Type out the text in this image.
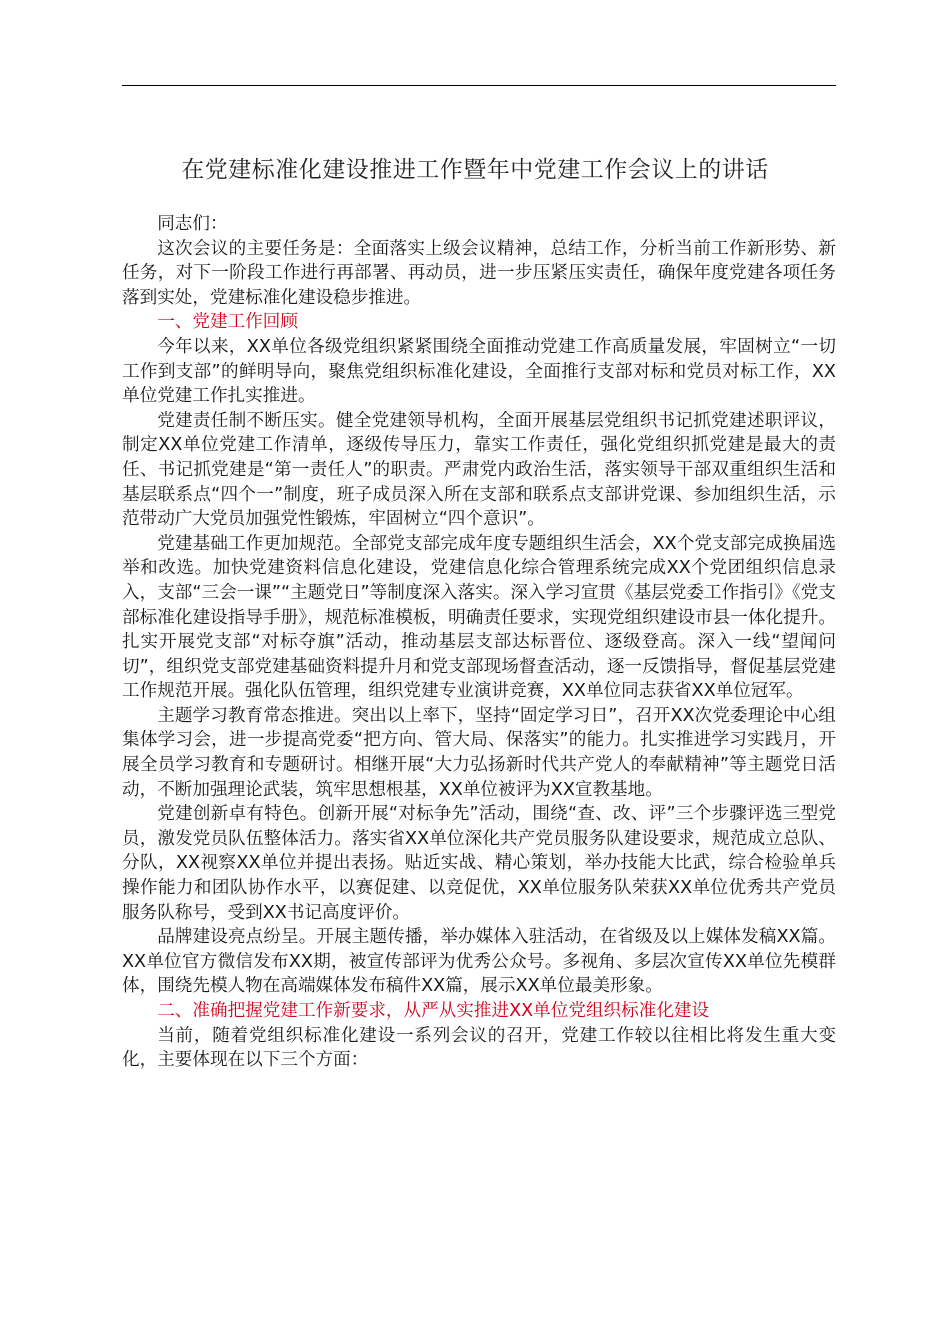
在党建标准化建设推进工作暨年中党建工作会议上的讲话

同志们：

这次会议的主要任务是：全面落实上级会议精神，总结工作，分析当前工作新形势、新任务，对下一阶段工作进行再部署、再动员，进一步压紧压实责任，确保年度党建各项任务落到实处，党建标准化建设稳步推进。

一、党建工作回顾

今年以来，XX单位各级党组织紧紧围绕全面推动党建工作高质量发展，牢固树立“一切工作到支部”的鲜明导向，聚焦党组织标准化建设，全面推行支部对标和党员对标工作，XX单位党建工作扎实推进。

党建责任制不断压实。健全党建领导机构，全面开展基层党组织书记抓党建述职评议，制定XX单位党建工作清单，逐级传导压力，靠实工作责任，强化党组织抓党建是最大的责任、书记抓党建是“第一责任人”的职责。严肃党内政治生活，落实领导干部双重组织生活和基层联系点“四个一”制度，班子成员深入所在支部和联系点支部讲党课、参加组织生活，示范带动广大党员加强党性锻炼，牢固树立“四个意识”。

党建基础工作更加规范。全部党支部完成年度专题组织生活会，XX个党支部完成换届选举和改选。加快党建资料信息化建设，党建信息化综合管理系统完成XX个党团组织信息录入，支部“三会一课”“主题党日”等制度深入落实。深入学习宣贯《基层党委工作指引》《党支部标准化建设指导手册》，规范标准模板，明确责任要求，实现党组织建设市县一体化提升。扎实开展党支部“对标夺旗”活动，推动基层支部达标晋位、逐级登高。深入一线“望闻问切”，组织党支部党建基础资料提升月和党支部现场督查活动，逐一反馈指导，督促基层党建工作规范开展。强化队伍管理，组织党建专业演讲竞赛，XX单位同志获省XX单位冠军。

主题学习教育常态推进。突出以上率下，坚持“固定学习日”，召开XX次党委理论中心组集体学习会，进一步提高党委“把方向、管大局、保落实”的能力。扎实推进学习实践月，开展全员学习教育和专题研讨。相继开展“大力弘扬新时代共产党人的奉献精神”等主题党日活动，不断加强理论武装，筑牢思想根基，XX单位被评为XX宣教基地。

党建创新卓有特色。创新开展“对标争先”活动，围绕“查、改、评”三个步骤评选三型党员，激发党员队伍整体活力。落实省XX单位深化共产党员服务队建设要求，规范成立总队、分队，XX视察XX单位并提出表扬。贴近实战、精心策划，举办技能大比武，综合检验单兵操作能力和团队协作水平，以赛促建、以竞促优，XX单位服务队荣获XX单位优秀共产党员服务队称号，受到XX书记高度评价。

品牌建设亮点纷呈。开展主题传播，举办媒体入驻活动，在省级及以上媒体发稿XX篇。XX单位官方微信发布XX期，被宣传部评为优秀公众号。多视角、多层次宣传XX单位先模群体，围绕先模人物在高端媒体发布稿件XX篇，展示XX单位最美形象。

二、准确把握党建工作新要求，从严从实推进XX单位党组织标准化建设

当前，随着党组织标准化建设一系列会议的召开，党建工作较以往相比将发生重大变化，主要体现在以下三个方面：
